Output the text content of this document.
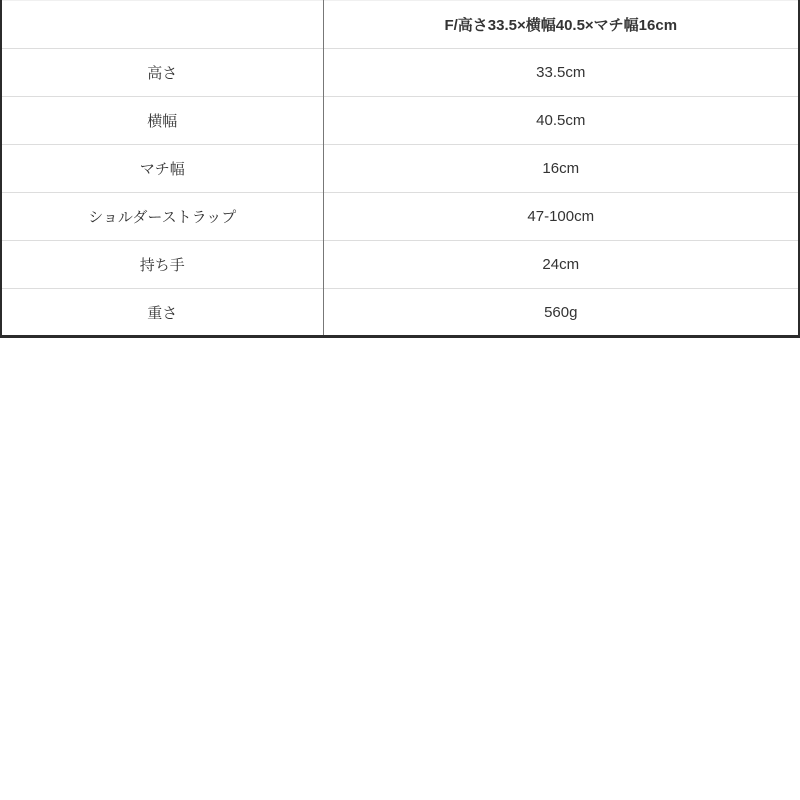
	F/高さ33.5×横幅40.5×マチ幅16cm
高さ	33.5cm
横幅	40.5cm
マチ幅	16cm
ショルダーストラップ	47-100cm
持ち手	24cm
重さ	560g
